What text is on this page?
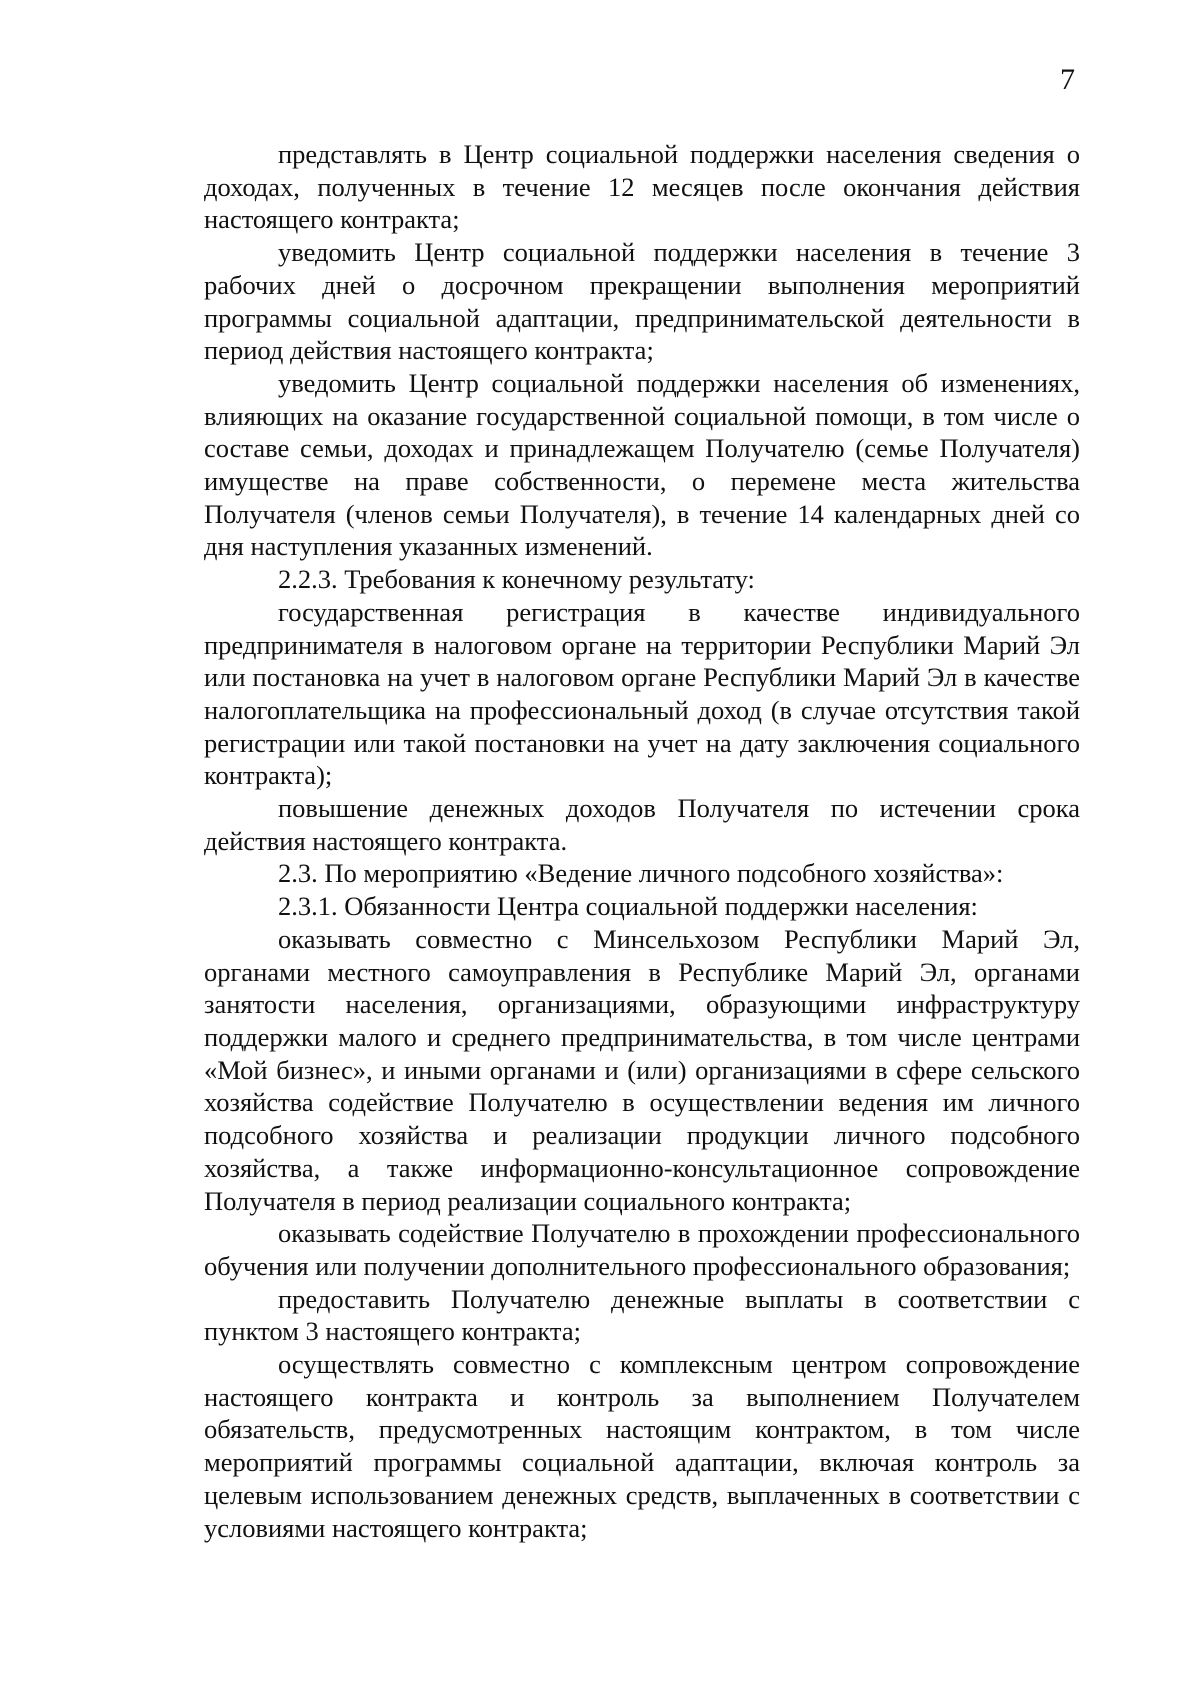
7

представлять в Центр социальной поддержки населения сведения о доходах, полученных в течение 12 месяцев после окончания действия настоящего контракта;

уведомить Центр социальной поддержки населения в течение 3 рабочих дней о досрочном прекращении выполнения мероприятий программы социальной адаптации, предпринимательской деятельности в период действия настоящего контракта;

уведомить Центр социальной поддержки населения об изменениях, влияющих на оказание государственной социальной помощи, в том числе о составе семьи, доходах и принадлежащем Получателю (семье Получателя) имуществе на праве собственности, о перемене места жительства Получателя (членов семьи Получателя), в течение 14 календарных дней со дня наступления указанных изменений.

2.2.3. Требования к конечному результату:

государственная регистрация в качестве индивидуального предпринимателя в налоговом органе на территории Республики Марий Эл или постановка на учет в налоговом органе Республики Марий Эл в качестве налогоплательщика на профессиональный доход (в случае отсутствия такой регистрации или такой постановки на учет на дату заключения социального контракта);

повышение денежных доходов Получателя по истечении срока действия настоящего контракта.

2.3. По мероприятию «Ведение личного подсобного хозяйства»:

2.3.1. Обязанности Центра социальной поддержки населения:

оказывать совместно с Минсельхозом Республики Марий Эл, органами местного самоуправления в Республике Марий Эл, органами занятости населения, организациями, образующими инфраструктуру поддержки малого и среднего предпринимательства, в том числе центрами «Мой бизнес», и иными органами и (или) организациями в сфере сельского хозяйства содействие Получателю в осуществлении ведения им личного подсобного хозяйства и реализации продукции личного подсобного хозяйства, а также информационно-консультационное сопровождение Получателя в период реализации социального контракта;

оказывать содействие Получателю в прохождении профессионального обучения или получении дополнительного профессионального образования;

предоставить Получателю денежные выплаты в соответствии с пунктом 3 настоящего контракта;

осуществлять совместно с комплексным центром сопровождение настоящего контракта и контроль за выполнением Получателем обязательств, предусмотренных настоящим контрактом, в том числе мероприятий программы социальной адаптации, включая контроль за целевым использованием денежных средств, выплаченных в соответствии с условиями настоящего контракта;
